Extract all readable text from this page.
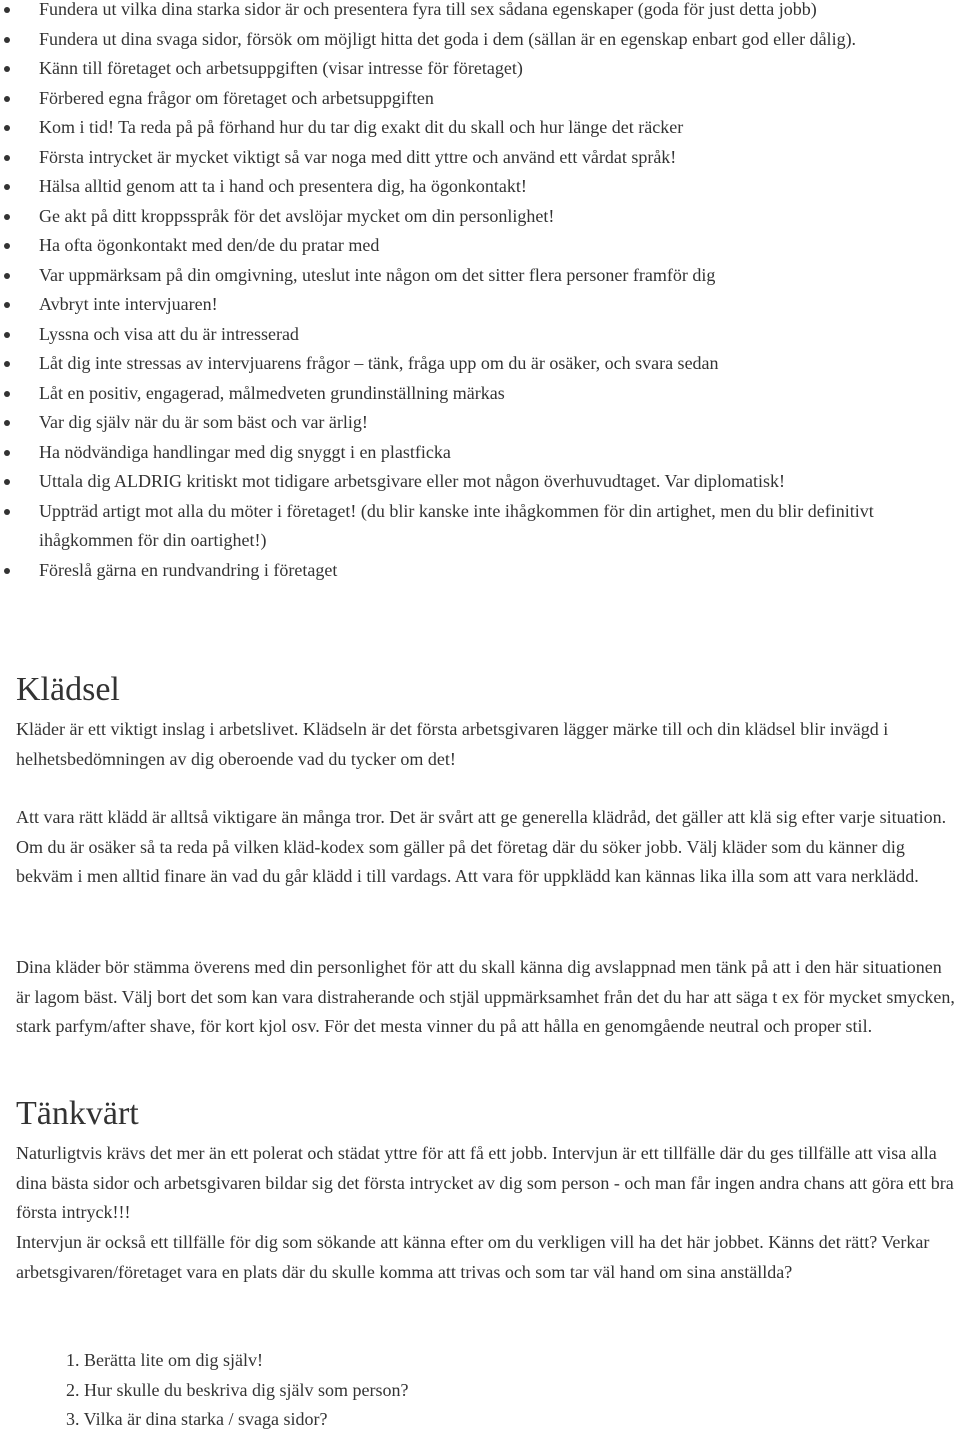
Fundera ut vilka dina starka sidor är och presentera fyra till sex sådana egenskaper (goda för just detta jobb)
Fundera ut dina svaga sidor, försök om möjligt hitta det goda i dem (sällan är en egenskap enbart god eller dålig).
Känn till företaget och arbetsuppgiften (visar intresse för företaget)
Förbered egna frågor om företaget och arbetsuppgiften
Kom i tid! Ta reda på på förhand hur du tar dig exakt dit du skall och hur länge det räcker
Första intrycket är mycket viktigt så var noga med ditt yttre och använd ett vårdat språk!
Hälsa alltid genom att ta i hand och presentera dig, ha ögonkontakt!
Ge akt på ditt kroppsspråk för det avslöjar mycket om din personlighet!
Ha ofta ögonkontakt med den/de du pratar med
Var uppmärksam på din omgivning, uteslut inte någon om det sitter flera personer framför dig
Avbryt inte intervjuaren!
Lyssna och visa att du är intresserad
Låt dig inte stressas av intervjuarens frågor – tänk, fråga upp om du är osäker, och svara sedan
Låt en positiv, engagerad, målmedveten grundinställning märkas
Var dig själv när du är som bäst och var ärlig!
Ha nödvändiga handlingar med dig snyggt i en plastficka
Uttala dig ALDRIG kritiskt mot tidigare arbetsgivare eller mot någon överhuvudtaget. Var diplomatisk!
Uppträd artigt mot alla du möter i företaget! (du blir kanske inte ihågkommen för din artighet, men du blir definitivt ihågkommen för din oartighet!)
Föreslå gärna en rundvandring i företaget
Klädsel

Kläder är ett viktigt inslag i arbetslivet. Klädseln är det första arbetsgivaren lägger märke till och din klädsel blir invägd i helhetsbedömningen av dig oberoende vad du tycker om det!

Att vara rätt klädd är alltså viktigare än många tror. Det är svårt att ge generella klädråd, det gäller att klä sig efter varje situation. Om du är osäker så ta reda på vilken kläd-kodex som gäller på det företag där du söker jobb. Välj kläder som du känner dig bekväm i men alltid finare än vad du går klädd i till vardags. Att vara för uppklädd kan kännas lika illa som att vara nerklädd.

Dina kläder bör stämma överens med din personlighet för att du skall känna dig avslappnad men tänk på att i den här situationen är lagom bäst. Välj bort det som kan vara distraherande och stjäl uppmärksamhet från det du har att säga t ex för mycket smycken, stark parfym/after shave, för kort kjol osv. För det mesta vinner du på att hålla en genomgående neutral och proper stil.

Tänkvärt

Naturligtvis krävs det mer än ett polerat och städat yttre för att få ett jobb. Intervjun är ett tillfälle där du ges tillfälle att visa alla dina bästa sidor och arbetsgivaren bildar sig det första intrycket av dig som person - och man får ingen andra chans att göra ett bra första intryck!!!

Intervjun är också ett tillfälle för dig som sökande att känna efter om du verkligen vill ha det här jobbet. Känns det rätt? Verkar arbetsgivaren/företaget vara en plats där du skulle komma att trivas och som tar väl hand om sina anställda?

1. Berätta lite om dig själv!
2. Hur skulle du beskriva dig själv som person?
3. Vilka är dina starka / svaga sidor?
